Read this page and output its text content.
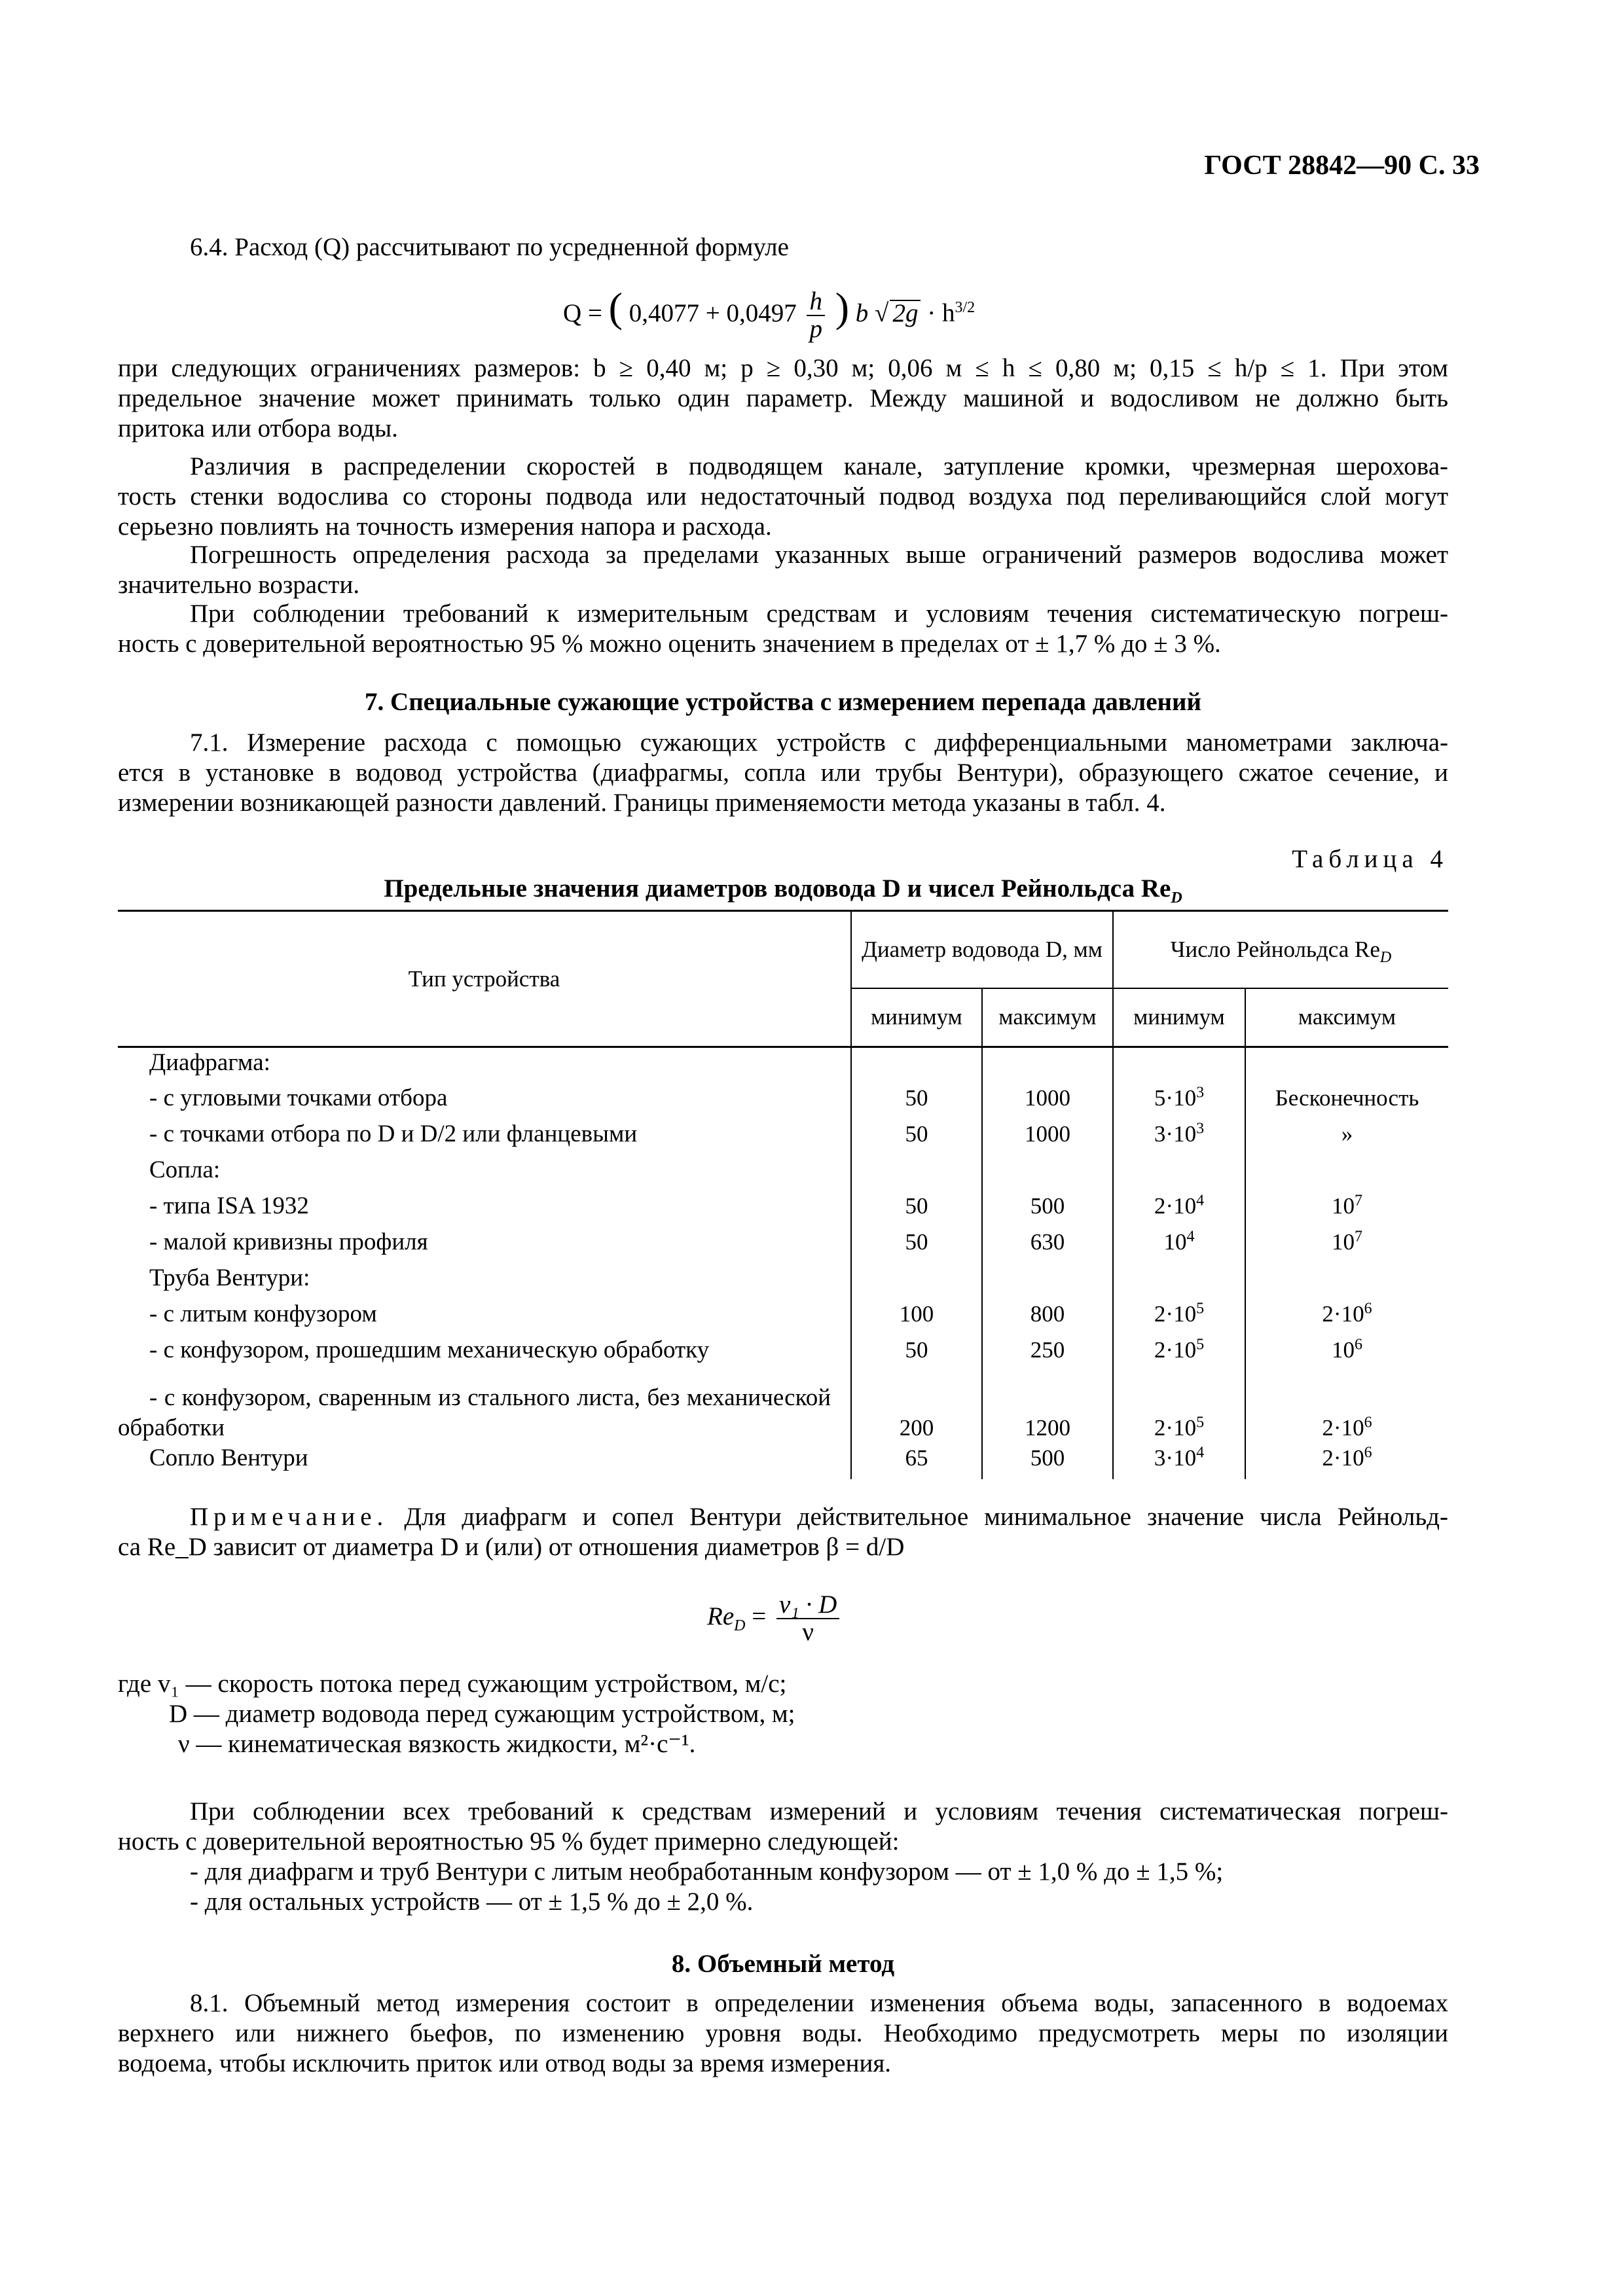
ГОСТ 28842—90 С. 33
6.4. Расход (Q) рассчитывают по усредненной формуле
Q = ( $0,4077 + 0,0497 \frac{h}{p}$ ) b √ $2g \cdot h^{3/2}$
при следующих ограничениях размеров: b ≥ 0,40 м; p ≥ 0,30 м; 0,06 м ≤ h ≤ 0,80 м; 0,15 ≤ h/p ≤ 1. При этом
предельное значение может принимать только один параметр. Между машиной и водосливом не должно быть
притока или отбора воды.
Различия в распределении скоростей в подводящем канале, затупление кромки, чрезмерная шерохова-
тость стенки водослива со стороны подвода или недостаточный подвод воздуха под переливающийся слой могут
серьезно повлиять на точность измерения напора и расхода.
Погрешность определения расхода за пределами указанных выше ограничений размеров водослива может
значительно возрасти.
При соблюдении требований к измерительным средствам и условиям течения систематическую погреш-
ность с доверительной вероятностью 95 % можно оценить значением в пределах от ± 1,7 % до ± 3 %.
7. Специальные сужающие устройства с измерением перепада давлений
7.1. Измерение расхода с помощью сужающих устройств с дифференциальными манометрами заключа-
ется в установке в водовод устройства (диафрагмы, сопла или трубы Вентури), образующего сжатое сечение, и
измерении возникающей разности давлений. Границы применяемости метода указаны в табл. 4.
Таблица 4
Предельные значения диаметров водовода D и чисел Рейнольдса $Re_D$
Тип устройства	Диаметр водовода D, мм		Число Рейнольдса $Re_D$
	минимум	максимум	минимум	максимум
Диафрагма:				
- с угловыми точками отбора	50	1000	$5\cdot 10^3$	Бесконечность
- с точками отбора по D и D/2 или фланцевыми	50	1000	$3\cdot 10^3$	»
Сопла:				
- типа ISA 1932	50	500	$2\cdot 10^4$	$10^7$
- малой кривизны профиля	50	630	$10^4$	$10^7$
Труба Вентури:				
- с литым конфузором	100	800	$2\cdot 10^5$	$2\cdot 10^6$
- с конфузором, прошедшим механическую обработку	50	250	$2\cdot 10^5$	$10^6$
- с конфузором, сваренным из стального листа, без механической обработки	200	1200	$2\cdot 10^5$	$2\cdot 10^6$
Сопло Вентури	65	500	$3\cdot 10^4$	$2\cdot 10^6$
Примечание. Для диафрагм и сопел Вентури действительное минимальное значение числа Рейнольд-
са Re_D зависит от диаметра D и (или) от отношения диаметров β = d/D
$Re_D = \frac{\text{v₁ · D}}{\nu}$
где v₁ — скорость потока перед сужающим устройством, м/с;
D — диаметр водовода перед сужающим устройством, м;
ν — кинематическая вязкость жидкости, м²·с⁻¹.
При соблюдении всех требований к средствам измерений и условиям течения систематическая погреш-
ность с доверительной вероятностью 95 % будет примерно следующей:
- для диафрагм и труб Вентури с литым необработанным конфузором — от ± 1,0 % до ± 1,5 %;
- для остальных устройств — от ± 1,5 % до ± 2,0 %.
8. Объемный метод
8.1. Объемный метод измерения состоит в определении изменения объема воды, запасенного в водоемах
верхнего или нижнего бьефов, по изменению уровня воды. Необходимо предусмотреть меры по изоляции
водоема, чтобы исключить приток или отвод воды за время измерения.
